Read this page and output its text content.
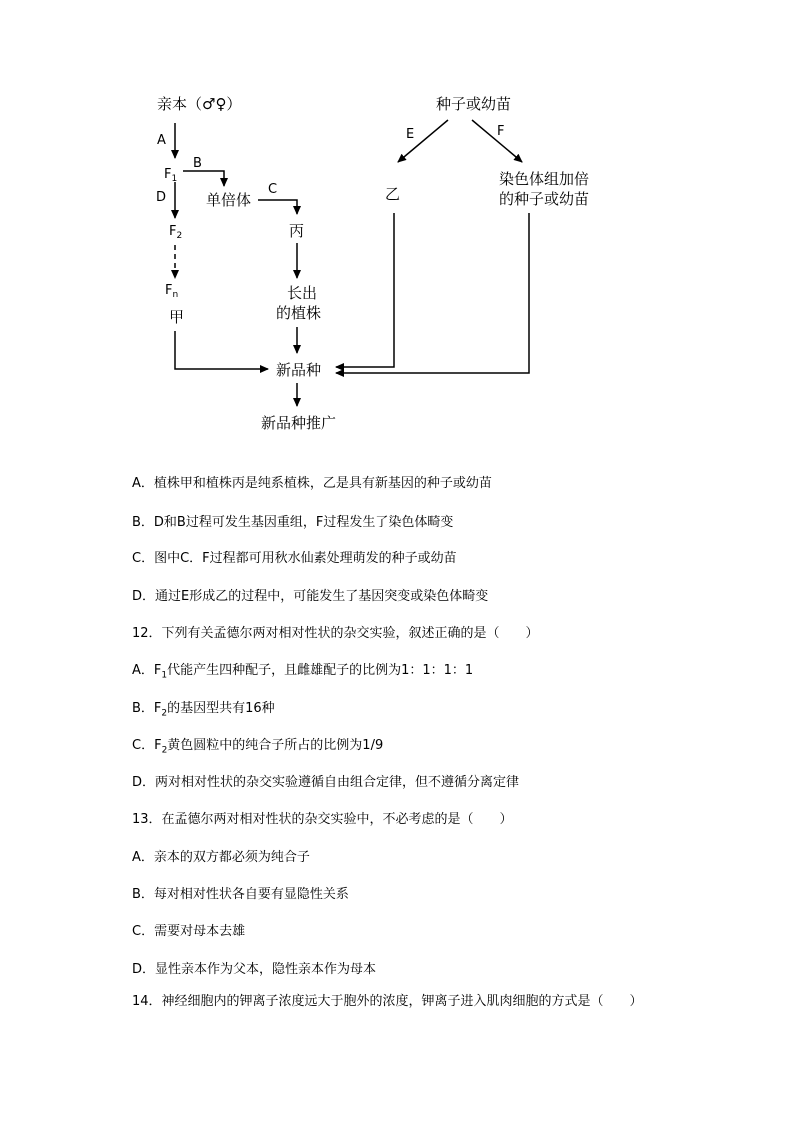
亲本（♂♀）
A
$F_1$
B
单倍体
D
$F_2$
$F_n$
甲
C
丙
长出
的植株
新品种
新品种推广
种子或幼苗
E	F
乙
染色体组加倍
的种子或幼苗
A．植株甲和植株丙是纯系植株，乙是具有新基因的种子或幼苗
B．D和B过程可发生基因重组，F过程发生了染色体畸变
C．图中C．F过程都可用秋水仙素处理萌发的种子或幼苗
D．通过E形成乙的过程中，可能发生了基因突变或染色体畸变
12．下列有关孟德尔两对相对性状的杂交实验，叙述正确的是（　　）
A．$F_1$代能产生四种配子，且雌雄配子的比例为1：1：1：1
B．$F_2$的基因型共有16种
C．$F_2$黄色圆粒中的纯合子所占的比例为1/9
D．两对相对性状的杂交实验遵循自由组合定律，但不遵循分离定律
13．在孟德尔两对相对性状的杂交实验中，不必考虑的是（　　）
A．亲本的双方都必须为纯合子
B．每对相对性状各自要有显隐性关系
C．需要对母本去雄
D．显性亲本作为父本，隐性亲本作为母本
14．神经细胞内的钾离子浓度远大于胞外的浓度，钾离子进入肌肉细胞的方式是（　　）
